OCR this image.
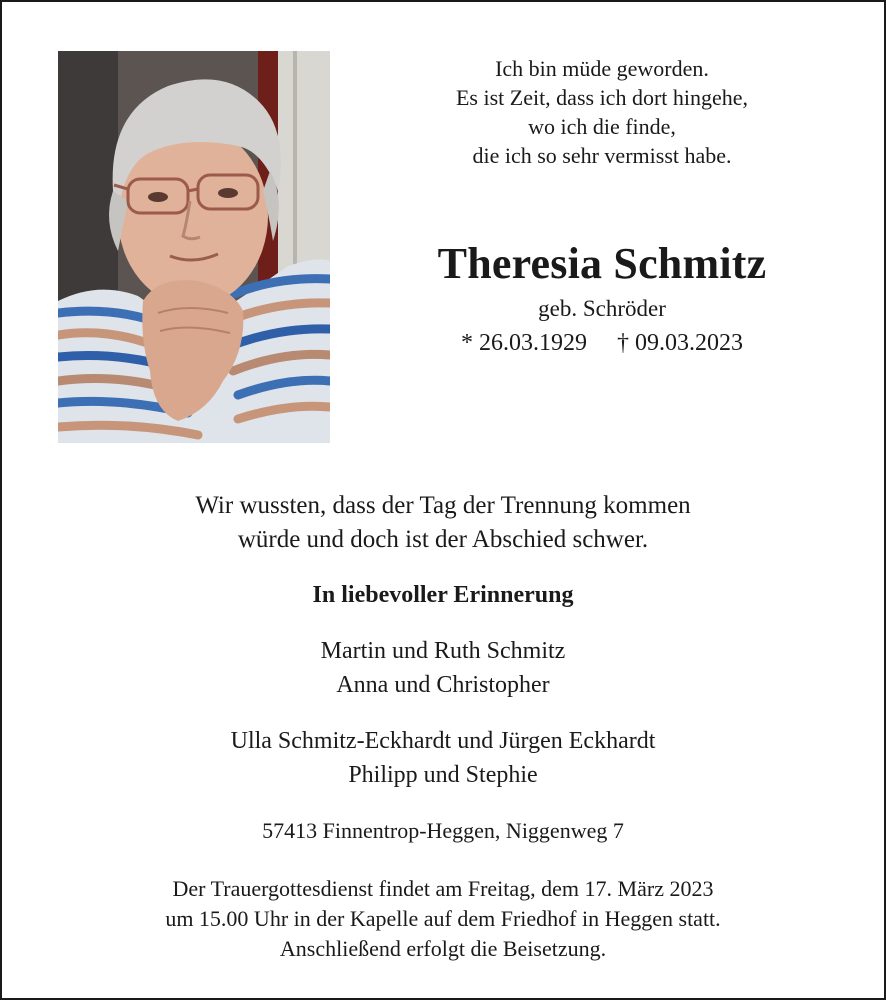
Ich bin müde geworden.
Es ist Zeit, dass ich dort hingehe,
wo ich die finde,
die ich so sehr vermisst habe.
Theresia Schmitz
geb. Schröder
* 26.03.1929 † 09.03.2023
Wir wussten, dass der Tag der Trennung kommen
würde und doch ist der Abschied schwer.
In liebevoller Erinnerung
Martin und Ruth Schmitz
Anna und Christopher
Ulla Schmitz-Eckhardt und Jürgen Eckhardt
Philipp und Stephie
57413 Finnentrop-Heggen, Niggenweg 7
Der Trauergottesdienst findet am Freitag, dem 17. März 2023
um 15.00 Uhr in der Kapelle auf dem Friedhof in Heggen statt.
Anschließend erfolgt die Beisetzung.
